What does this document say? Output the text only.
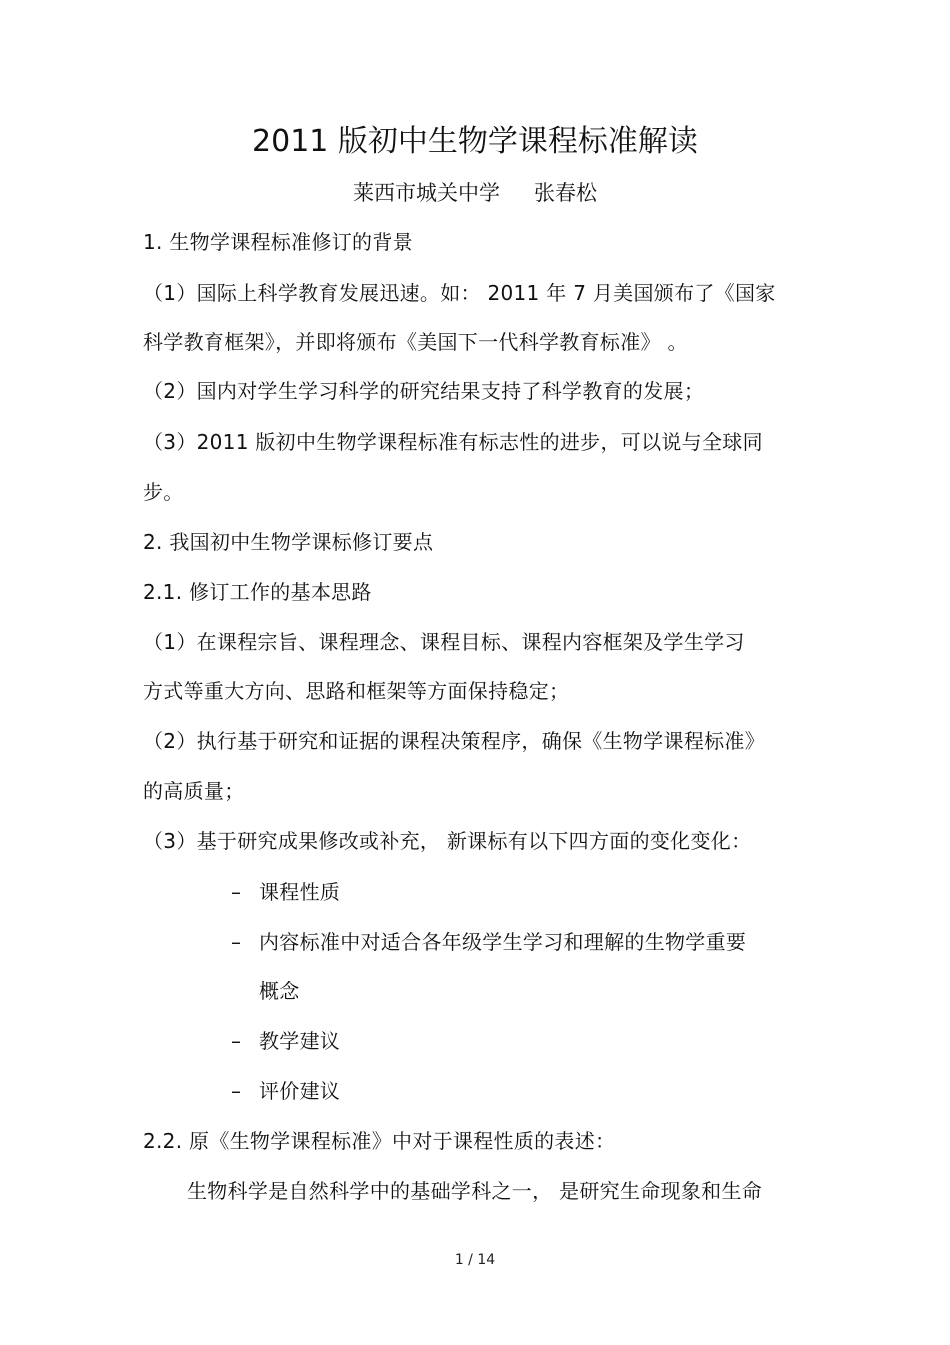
2011 版初中生物学课程标准解读
莱西市城关中学 张春松
1. 生物学课程标准修订的背景
（1）国际上科学教育发展迅速。如： 2011 年 7 月美国颁布了《国家
科学教育框架》，并即将颁布《美国下一代科学教育标准》 。
（2）国内对学生学习科学的研究结果支持了科学教育的发展；
（3）2011 版初中生物学课程标准有标志性的进步，可以说与全球同
步。
2. 我国初中生物学课标修订要点
2.1. 修订工作的基本思路
（1）在课程宗旨、课程理念、课程目标、课程内容框架及学生学习
方式等重大方向、思路和框架等方面保持稳定；
（2）执行基于研究和证据的课程决策程序，确保《生物学课程标准》
的高质量；
（3）基于研究成果修改或补充， 新课标有以下四方面的变化变化：
– 课程性质
– 内容标准中对适合各年级学生学习和理解的生物学重要
概念
– 教学建议
– 评价建议
2.2. 原《生物学课程标准》中对于课程性质的表述：
生物科学是自然科学中的基础学科之一， 是研究生命现象和生命
1 / 14
